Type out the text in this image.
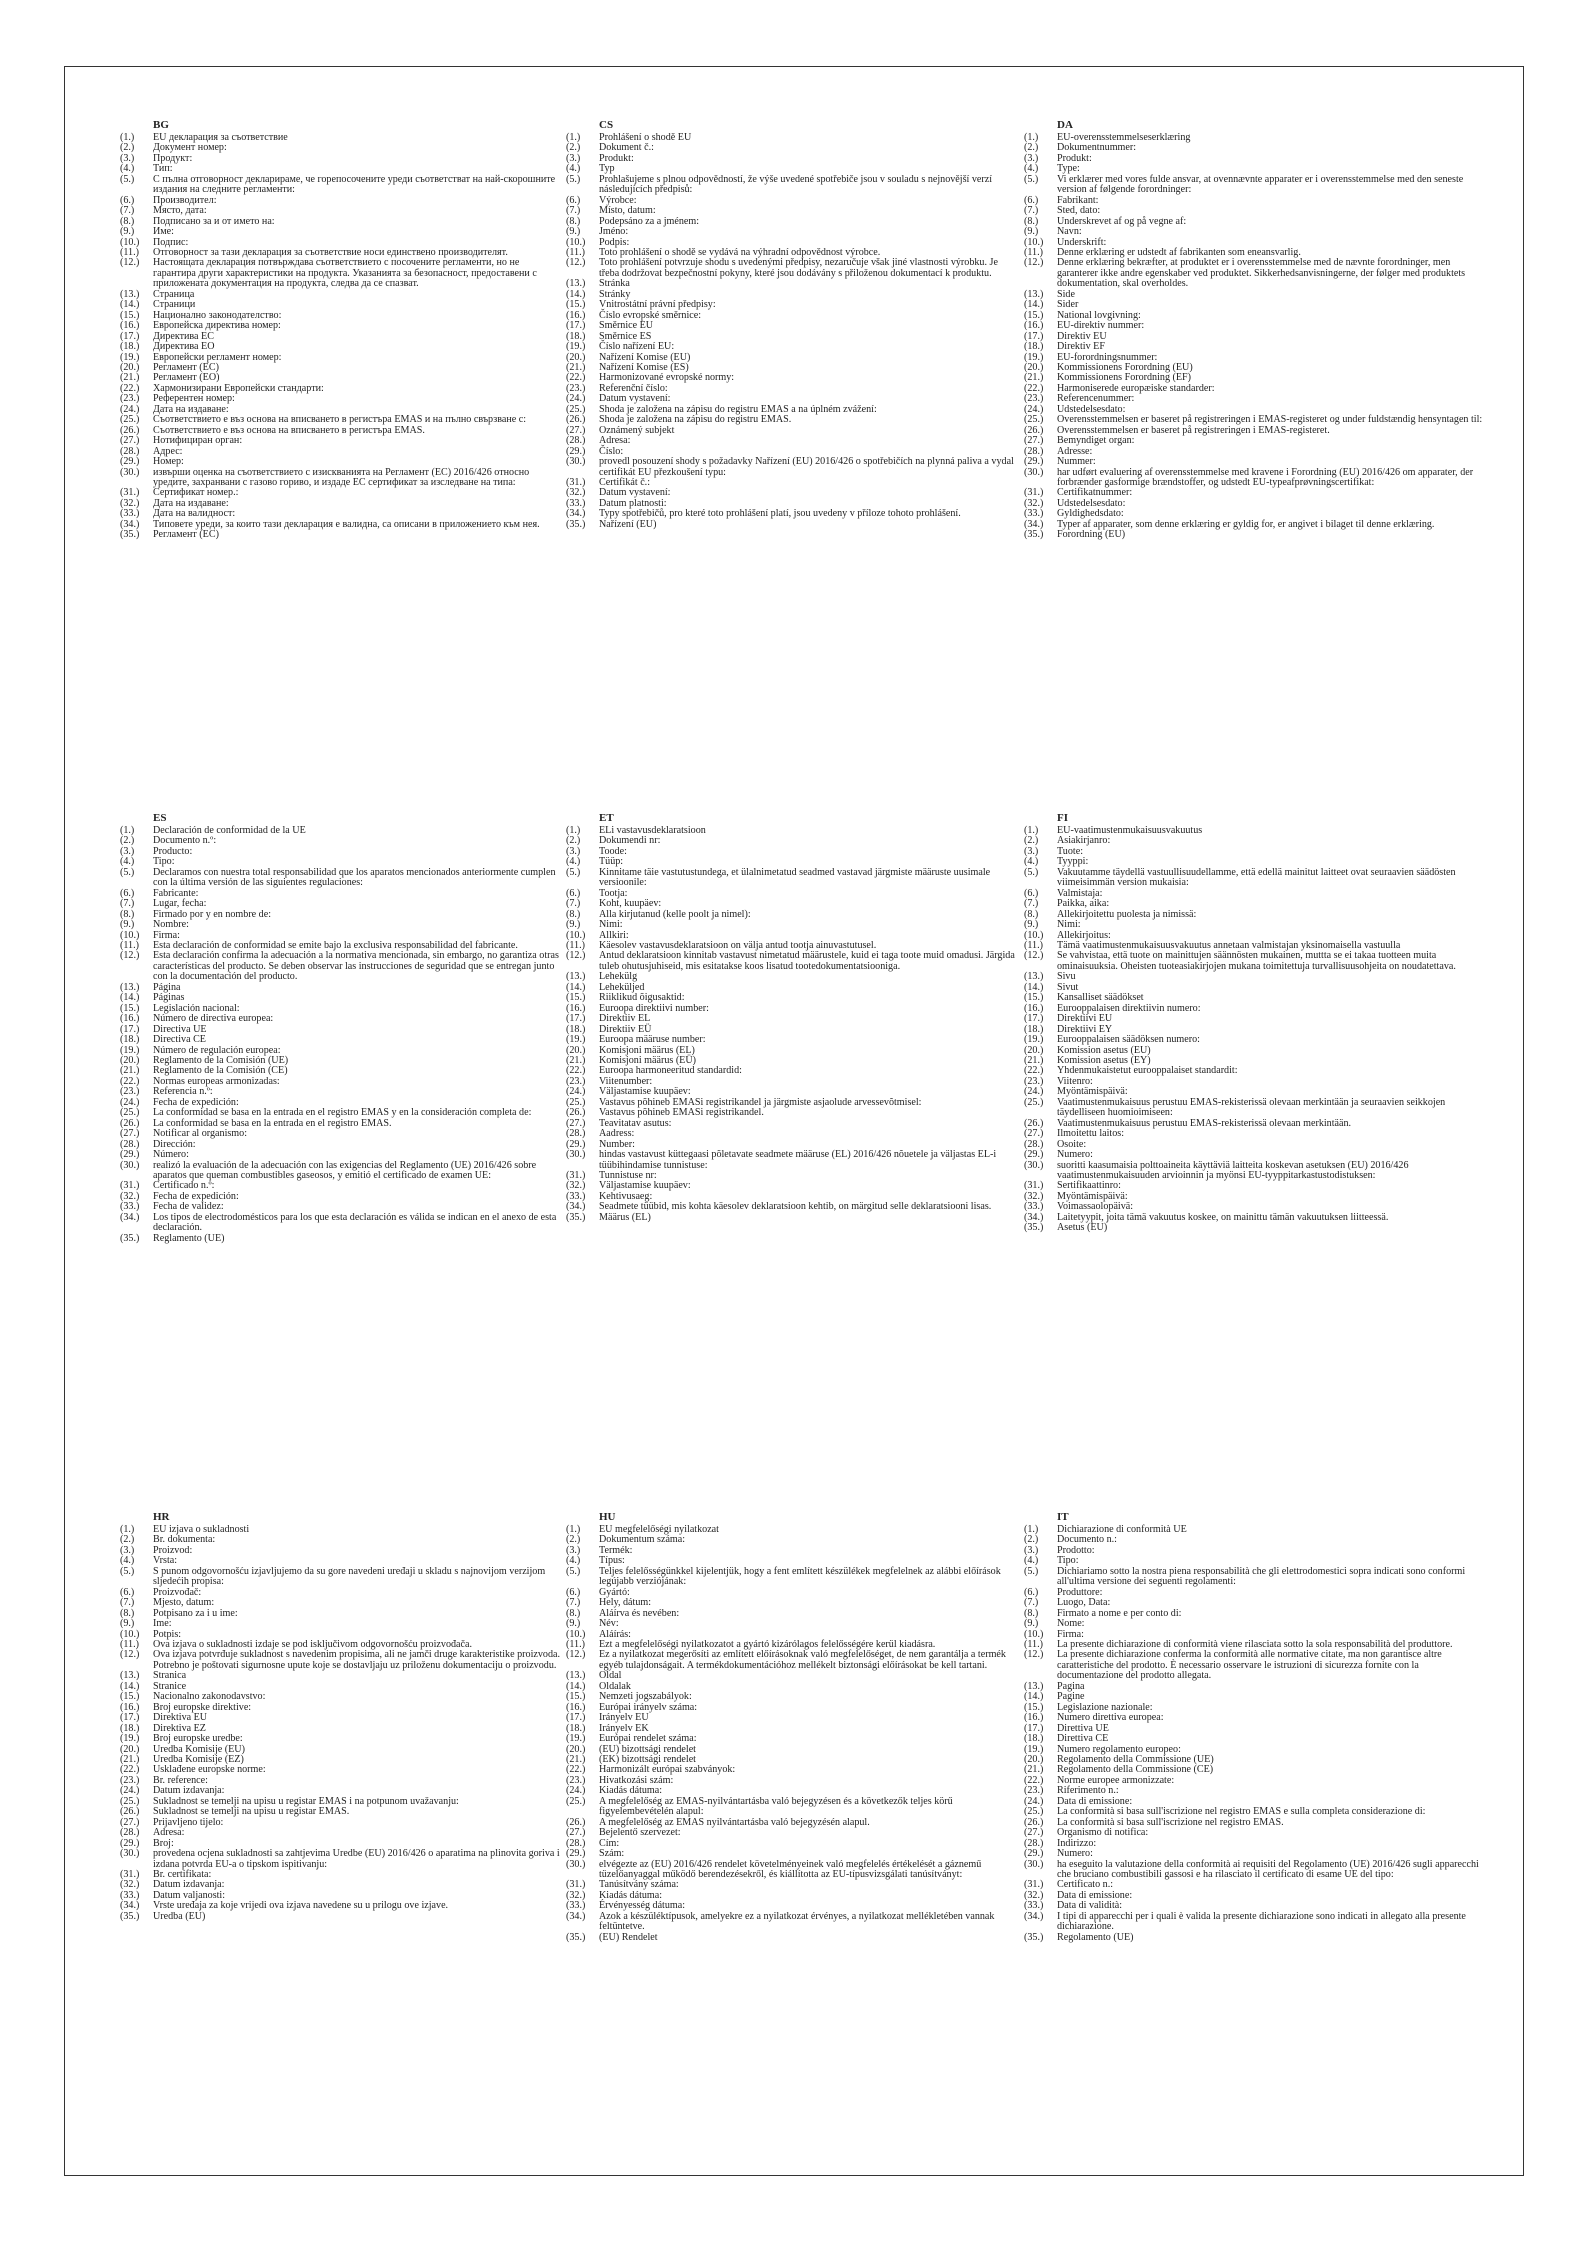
BG
(1.)	EU декларация за съответствие
(2.)	Документ номер:
(3.)	Продукт:
(4.)	Тип:
(5.)	С пълна отговорност декларираме, че горепосочените уреди съответстват на най-скорошните издания на следните регламенти:
(6.)	Производител:
(7.)	Място, дата:
(8.)	Подписано за и от името на:
(9.)	Име:
(10.)	Подпис:
(11.)	Отговорност за тази декларация за съответствие носи единствено производителят.
(12.)	Настоящата декларация потвърждава съответствието с посочените регламенти, но не гарантира други характеристики на продукта. Указанията за безопасност, предоставени с приложената документация на продукта, следва да се спазват.
(13.)	Страница
(14.)	Страници
(15.)	Национално законодателство:
(16.)	Европейска директива номер:
(17.)	Директива ЕС
(18.)	Директива ЕО
(19.)	Европейски регламент номер:
(20.)	Регламент (ЕС)
(21.)	Регламент (ЕО)
(22.)	Хармонизирани Европейски стандарти:
(23.)	Референтен номер:
(24.)	Дата на издаване:
(25.)	Съответствието е въз основа на вписването в регистъра EMAS и на пълно свързване с:
(26.)	Съответствието е въз основа на вписването в регистъра EMAS.
(27.)	Нотифициран орган:
(28.)	Адрес:
(29.)	Номер:
(30.)	извърши оценка на съответствието с изискванията на Регламент (ЕС) 2016/426 относно уредите, захранвани с газово гориво, и издаде ЕС сертификат за изследване на типа:
(31.)	Сертификат номер.:
(32.)	Дата на издаване:
(33.)	Дата на валидност:
(34.)	Типовете уреди, за които тази декларация е валидна, са описани в приложението към нея.
(35.)	Регламент (ЕС)
CS
(1.)	Prohlášení o shodě EU
(2.)	Dokument č.:
(3.)	Produkt:
(4.)	Typ
(5.)	Prohlašujeme s plnou odpovědností, že výše uvedené spotřebiče jsou v souladu s nejnovější verzí následujících předpisů:
(6.)	Výrobce:
(7.)	Místo, datum:
(8.)	Podepsáno za a jménem:
(9.)	Jméno:
(10.)	Podpis:
(11.)	Toto prohlášení o shodě se vydává na výhradní odpovědnost výrobce.
(12.)	Toto prohlášení potvrzuje shodu s uvedenými předpisy, nezaručuje však jiné vlastnosti výrobku. Je třeba dodržovat bezpečnostní pokyny, které jsou dodávány s přiloženou dokumentací k produktu.
(13.)	Stránka
(14.)	Stránky
(15.)	Vnitrostátní právní předpisy:
(16.)	Číslo evropské směrnice:
(17.)	Směrnice EU
(18.)	Směrnice ES
(19.)	Číslo nařízení EU:
(20.)	Nařízení Komise (EU)
(21.)	Nařízení Komise (ES)
(22.)	Harmonizované evropské normy:
(23.)	Referenční číslo:
(24.)	Datum vystavení:
(25.)	Shoda je založena na zápisu do registru EMAS a na úplném zvážení:
(26.)	Shoda je založena na zápisu do registru EMAS.
(27.)	Oznámený subjekt
(28.)	Adresa:
(29.)	Číslo:
(30.)	provedl posouzení shody s požadavky Nařízení (EU) 2016/426 o spotřebičích na plynná paliva a vydal certifikát EU přezkoušení typu:
(31.)	Certifikát č.:
(32.)	Datum vystavení:
(33.)	Datum platnosti:
(34.)	Typy spotřebičů, pro které toto prohlášení platí, jsou uvedeny v příloze tohoto prohlášení.
(35.)	Nařízení (EU)
DA
(1.)	EU-overensstemmelseserklæring
(2.)	Dokumentnummer:
(3.)	Produkt:
(4.)	Type:
(5.)	Vi erklærer med vores fulde ansvar, at ovennævnte apparater er i overensstemmelse med den seneste version af følgende forordninger:
(6.)	Fabrikant:
(7.)	Sted, dato:
(8.)	Underskrevet af og på vegne af:
(9.)	Navn:
(10.)	Underskrift:
(11.)	Denne erklæring er udstedt af fabrikanten som eneansvarlig.
(12.)	Denne erklæring bekræfter, at produktet er i overensstemmelse med de nævnte forordninger, men garanterer ikke andre egenskaber ved produktet. Sikkerhedsanvisningerne, der følger med produktets dokumentation, skal overholdes.
(13.)	Side
(14.)	Sider
(15.)	National lovgivning:
(16.)	EU-direktiv nummer:
(17.)	Direktiv EU
(18.)	Direktiv EF
(19.)	EU-forordningsnummer:
(20.)	Kommissionens Forordning (EU)
(21.)	Kommissionens Forordning (EF)
(22.)	Harmoniserede europæiske standarder:
(23.)	Referencenummer:
(24.)	Udstedelsesdato:
(25.)	Overensstemmelsen er baseret på registreringen i EMAS-registeret og under fuldstændig hensyntagen til:
(26.)	Overensstemmelsen er baseret på registreringen i EMAS-registeret.
(27.)	Bemyndiget organ:
(28.)	Adresse:
(29.)	Nummer:
(30.)	har udført evaluering af overensstemmelse med kravene i Forordning (EU) 2016/426 om apparater, der forbrænder gasformige brændstoffer, og udstedt EU-typeafprøvningscertifikat:
(31.)	Certifikatnummer:
(32.)	Udstedelsesdato:
(33.)	Gyldighedsdato:
(34.)	Typer af apparater, som denne erklæring er gyldig for, er angivet i bilaget til denne erklæring.
(35.)	Forordning (EU)
ES
(1.)	Declaración de conformidad de la UE
(2.)	Documento n.º:
(3.)	Producto:
(4.)	Tipo:
(5.)	Declaramos con nuestra total responsabilidad que los aparatos mencionados anteriormente cumplen con la última versión de las siguientes regulaciones:
(6.)	Fabricante:
(7.)	Lugar, fecha:
(8.)	Firmado por y en nombre de:
(9.)	Nombre:
(10.)	Firma:
(11.)	Esta declaración de conformidad se emite bajo la exclusiva responsabilidad del fabricante.
(12.)	Esta declaración confirma la adecuación a la normativa mencionada, sin embargo, no garantiza otras características del producto. Se deben observar las instrucciones de seguridad que se entregan junto con la documentación del producto.
(13.)	Página
(14.)	Páginas
(15.)	Legislación nacional:
(16.)	Número de directiva europea:
(17.)	Directiva UE
(18.)	Directiva CE
(19.)	Número de regulación europea:
(20.)	Reglamento de la Comisión (UE)
(21.)	Reglamento de la Comisión (CE)
(22.)	Normas europeas armonizadas:
(23.)	Referencia n.º:
(24.)	Fecha de expedición:
(25.)	La conformidad se basa en la entrada en el registro EMAS y en la consideración completa de:
(26.)	La conformidad se basa en la entrada en el registro EMAS.
(27.)	Notificar al organismo:
(28.)	Dirección:
(29.)	Número:
(30.)	realizó la evaluación de la adecuación con las exigencias del Reglamento (UE) 2016/426 sobre aparatos que queman combustibles gaseosos, y emitió el certificado de examen UE:
(31.)	Certificado n.º:
(32.)	Fecha de expedición:
(33.)	Fecha de validez:
(34.)	Los tipos de electrodomésticos para los que esta declaración es válida se indican en el anexo de esta declaración.
(35.)	Reglamento (UE)
ET
(1.)	ELi vastavusdeklaratsioon
(2.)	Dokumendi nr:
(3.)	Toode:
(4.)	Tüüp:
(5.)	Kinnitame täie vastutustundega, et ülalnimetatud seadmed vastavad järgmiste määruste uusimale versioonile:
(6.)	Tootja:
(7.)	Koht, kuupäev:
(8.)	Alla kirjutanud (kelle poolt ja nimel):
(9.)	Nimi:
(10.)	Allkiri:
(11.)	Käesolev vastavusdeklaratsioon on välja antud tootja ainuvastutusel.
(12.)	Antud deklaratsioon kinnitab vastavust nimetatud määrustele, kuid ei taga toote muid omadusi. Järgida tuleb ohutusjuhiseid, mis esitatakse koos lisatud tootedokumentatsiooniga.
(13.)	Lehekülg
(14.)	Leheküljed
(15.)	Riiklikud õigusaktid:
(16.)	Euroopa direktiivi number:
(17.)	Direktiiv EL
(18.)	Direktiiv EÜ
(19.)	Euroopa määruse number:
(20.)	Komisjoni määrus (EL)
(21.)	Komisjoni määrus (EÜ)
(22.)	Euroopa harmoneeritud standardid:
(23.)	Viitenumber:
(24.)	Väljastamise kuupäev:
(25.)	Vastavus põhineb EMASi registrikandel ja järgmiste asjaolude arvessevõtmisel:
(26.)	Vastavus põhineb EMASi registrikandel.
(27.)	Teavitatav asutus:
(28.)	Aadress:
(29.)	Number:
(30.)	hindas vastavust küttegaasi põletavate seadmete määruse (EL) 2016/426 nõuetele ja väljastas EL-i tüübihindamise tunnistuse:
(31.)	Tunnistuse nr:
(32.)	Väljastamise kuupäev:
(33.)	Kehtivusaeg:
(34.)	Seadmete tüübid, mis kohta käesolev deklaratsioon kehtib, on märgitud selle deklaratsiooni lisas.
(35.)	Määrus (EL)
FI
(1.)	EU-vaatimustenmukaisuusvakuutus
(2.)	Asiakirjanro:
(3.)	Tuote:
(4.)	Tyyppi:
(5.)	Vakuutamme täydellä vastuullisuudellamme, että edellä mainitut laitteet ovat seuraavien säädösten viimeisimmän version mukaisia:
(6.)	Valmistaja:
(7.)	Paikka, aika:
(8.)	Allekirjoitettu puolesta ja nimissä:
(9.)	Nimi:
(10.)	Allekirjoitus:
(11.)	Tämä vaatimustenmukaisuusvakuutus annetaan valmistajan yksinomaisella vastuulla
(12.)	Se vahvistaa, että tuote on mainittujen säännösten mukainen, muttta se ei takaa tuotteen muita ominaisuuksia. Oheisten tuoteasiakirjojen mukana toimitettuja turvallisuusohjeita on noudatettava.
(13.)	Sivu
(14.)	Sivut
(15.)	Kansalliset säädökset
(16.)	Eurooppalaisen direktiivin numero:
(17.)	Direktiivi EU
(18.)	Direktiivi EY
(19.)	Eurooppalaisen säädöksen numero:
(20.)	Komission asetus (EU)
(21.)	Komission asetus (EY)
(22.)	Yhdenmukaistetut eurooppalaiset standardit:
(23.)	Viitenro:
(24.)	Myöntämispäivä:
(25.)	Vaatimustenmukaisuus perustuu EMAS-rekisterissä olevaan merkintään ja seuraavien seikkojen täydelliseen huomioimiseen:
(26.)	Vaatimustenmukaisuus perustuu EMAS-rekisterissä olevaan merkintään.
(27.)	Ilmoitettu laitos:
(28.)	Osoite:
(29.)	Numero:
(30.)	suoritti kaasumaisia polttoaineita käyttäviä laitteita koskevan asetuksen (EU) 2016/426 vaatimustenmukaisuuden arvioinnin ja myönsi EU-tyyppitarkastustodistuksen:
(31.)	Sertifikaattinro:
(32.)	Myöntämispäivä:
(33.)	Voimassaolopäivä:
(34.)	Laitetyypit, joita tämä vakuutus koskee, on mainittu tämän vakuutuksen liitteessä.
(35.)	Asetus (EU)
HR
(1.)	EU izjava o sukladnosti
(2.)	Br. dokumenta:
(3.)	Proizvod:
(4.)	Vrsta:
(5.)	S punom odgovornošću izjavljujemo da su gore navedeni uređaji u skladu s najnovijom verzijom sljedećih propisa:
(6.)	Proizvođač:
(7.)	Mjesto, datum:
(8.)	Potpisano za i u ime:
(9.)	Ime:
(10.)	Potpis:
(11.)	Ova izjava o sukladnosti izdaje se pod isključivom odgovornošću proizvođača.
(12.)	Ova izjava potvrđuje sukladnost s navedenim propisima, ali ne jamči druge karakteristike proizvoda. Potrebno je poštovati sigurnosne upute koje se dostavljaju uz priloženu dokumentaciju o proizvodu.
(13.)	Stranica
(14.)	Stranice
(15.)	Nacionalno zakonodavstvo:
(16.)	Broj europske direktive:
(17.)	Direktiva EU
(18.)	Direktiva EZ
(19.)	Broj europske uredbe:
(20.)	Uredba Komisije (EU)
(21.)	Uredba Komisije (EZ)
(22.)	Usklađene europske norme:
(23.)	Br. reference:
(24.)	Datum izdavanja:
(25.)	Sukladnost se temelji na upisu u registar EMAS i na potpunom uvažavanju:
(26.)	Sukladnost se temelji na upisu u registar EMAS.
(27.)	Prijavljeno tijelo:
(28.)	Adresa:
(29.)	Broj:
(30.)	provedena ocjena sukladnosti sa zahtjevima Uredbe (EU) 2016/426 o aparatima na plinovita goriva i izdana potvrda EU-a o tipskom ispitivanju:
(31.)	Br. certifikata:
(32.)	Datum izdavanja:
(33.)	Datum valjanosti:
(34.)	Vrste uređaja za koje vrijedi ova izjava navedene su u prilogu ove izjave.
(35.)	Uredba (EU)
HU
(1.)	EU megfelelőségi nyilatkozat
(2.)	Dokumentum száma:
(3.)	Termék:
(4.)	Típus:
(5.)	Teljes felelősségünkkel kijelentjük, hogy a fent említett készülékek megfelelnek az alábbi előírások legújabb verziójának:
(6.)	Gyártó:
(7.)	Hely, dátum:
(8.)	Aláírva és nevében:
(9.)	Név:
(10.)	Aláírás:
(11.)	Ezt a megfelelőségi nyilatkozatot a gyártó kizárólagos felelősségére kerül kiadásra.
(12.)	Ez a nyilatkozat megerősíti az említett előírásoknak való megfelelőséget, de nem garantálja a termék egyéb tulajdonságait. A termékdokumentációhoz mellékelt biztonsági előírásokat be kell tartani.
(13.)	Oldal
(14.)	Oldalak
(15.)	Nemzeti jogszabályok:
(16.)	Európai irányelv száma:
(17.)	Irányelv EU
(18.)	Irányelv EK
(19.)	Európai rendelet száma:
(20.)	(EU) bizottsági rendelet
(21.)	(EK) bizottsági rendelet
(22.)	Harmonizált európai szabványok:
(23.)	Hivatkozási szám:
(24.)	Kiadás dátuma:
(25.)	A megfelelőség az EMAS-nyilvántartásba való bejegyzésen és a következők teljes körű figyelembevételén alapul:
(26.)	A megfelelőség az EMAS nyilvántartásba való bejegyzésén alapul.
(27.)	Bejelentő szervezet:
(28.)	Cím:
(29.)	Szám:
(30.)	elvégezte az (EU) 2016/426 rendelet követelményeinek való megfelelés értékelését a gáznemű tüzelőanyaggal működő berendezésekről, és kiállította az EU-típusvizsgálati tanúsítványt:
(31.)	Tanúsítvány száma:
(32.)	Kiadás dátuma:
(33.)	Érvényesség dátuma:
(34.)	Azok a készüléktípusok, amelyekre ez a nyilatkozat érvényes, a nyilatkozat mellékletében vannak feltüntetve.
(35.)	(EU) Rendelet
IT
(1.)	Dichiarazione di conformità UE
(2.)	Documento n.:
(3.)	Prodotto:
(4.)	Tipo:
(5.)	Dichiariamo sotto la nostra piena responsabilità che gli elettrodomestici sopra indicati sono conformi all'ultima versione dei seguenti regolamenti:
(6.)	Produttore:
(7.)	Luogo, Data:
(8.)	Firmato a nome e per conto di:
(9.)	Nome:
(10.)	Firma:
(11.)	La presente dichiarazione di conformità viene rilasciata sotto la sola responsabilità del produttore.
(12.)	La presente dichiarazione conferma la conformità alle normative citate, ma non garantisce altre caratteristiche del prodotto. È necessario osservare le istruzioni di sicurezza fornite con la documentazione del prodotto allegata.
(13.)	Pagina
(14.)	Pagine
(15.)	Legislazione nazionale:
(16.)	Numero direttiva europea:
(17.)	Direttiva UE
(18.)	Direttiva CE
(19.)	Numero regolamento europeo:
(20.)	Regolamento della Commissione (UE)
(21.)	Regolamento della Commissione (CE)
(22.)	Norme europee armonizzate:
(23.)	Riferimento n.:
(24.)	Data di emissione:
(25.)	La conformità si basa sull'iscrizione nel registro EMAS e sulla completa considerazione di:
(26.)	La conformità si basa sull'iscrizione nel registro EMAS.
(27.)	Organismo di notifica:
(28.)	Indirizzo:
(29.)	Numero:
(30.)	ha eseguito la valutazione della conformità ai requisiti del Regolamento (UE) 2016/426 sugli apparecchi che bruciano combustibili gassosi e ha rilasciato il certificato di esame UE del tipo:
(31.)	Certificato n.:
(32.)	Data di emissione:
(33.)	Data di validità:
(34.)	I tipi di apparecchi per i quali è valida la presente dichiarazione sono indicati in allegato alla presente dichiarazione.
(35.)	Regolamento (UE)
